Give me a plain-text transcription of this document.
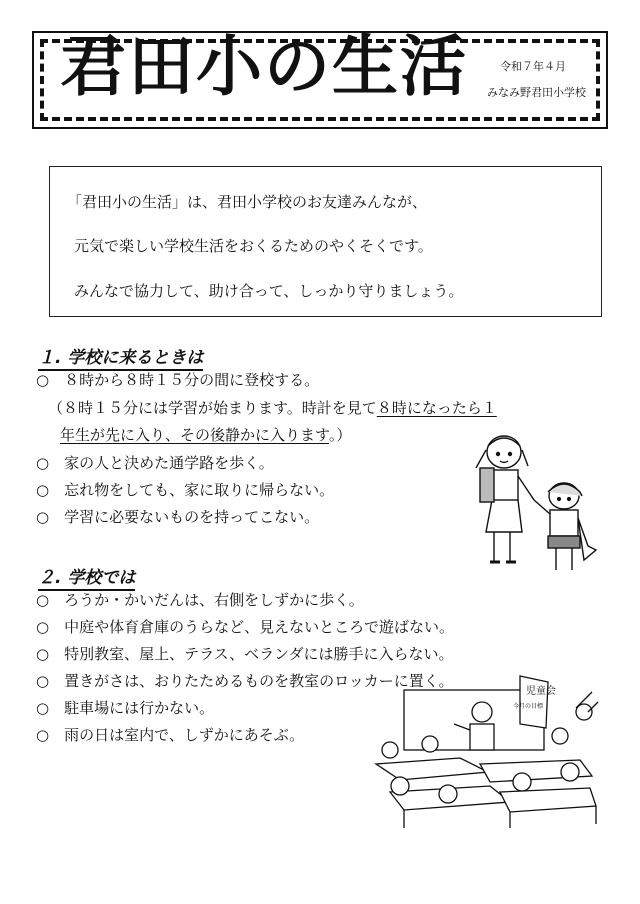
君田小の生活	令和７年４月
みなみ野君田小学校

「君田小の生活」は、君田小学校のお友達みんなが、

元気で楽しい学校生活をおくるためのやくそくです。

みんなで協力して、助け合って、しっかり守りましょう。

１. 学校に来るときは
○　８時から８時１５分の間に登校する。
（８時１５分には学習が始まります。時計を見て８時になったら１
年生が先に入り、その後静かに入ります。）
○　家の人と決めた通学路を歩く。
○　忘れ物をしても、家に取りに帰らない。
○　学習に必要ないものを持ってこない。
２. 学校では
○　ろうか・かいだんは、右側をしずかに歩く。
○　中庭や体育倉庫のうらなど、見えないところで遊ばない。
○　特別教室、屋上、テラス、ベランダには勝手に入らない。
○　置きがさは、おりたためるものを教室のロッカーに置く。
○　駐車場には行かない。
○　雨の日は室内で、しずかにあそぶ。
児童会
今月の目標
